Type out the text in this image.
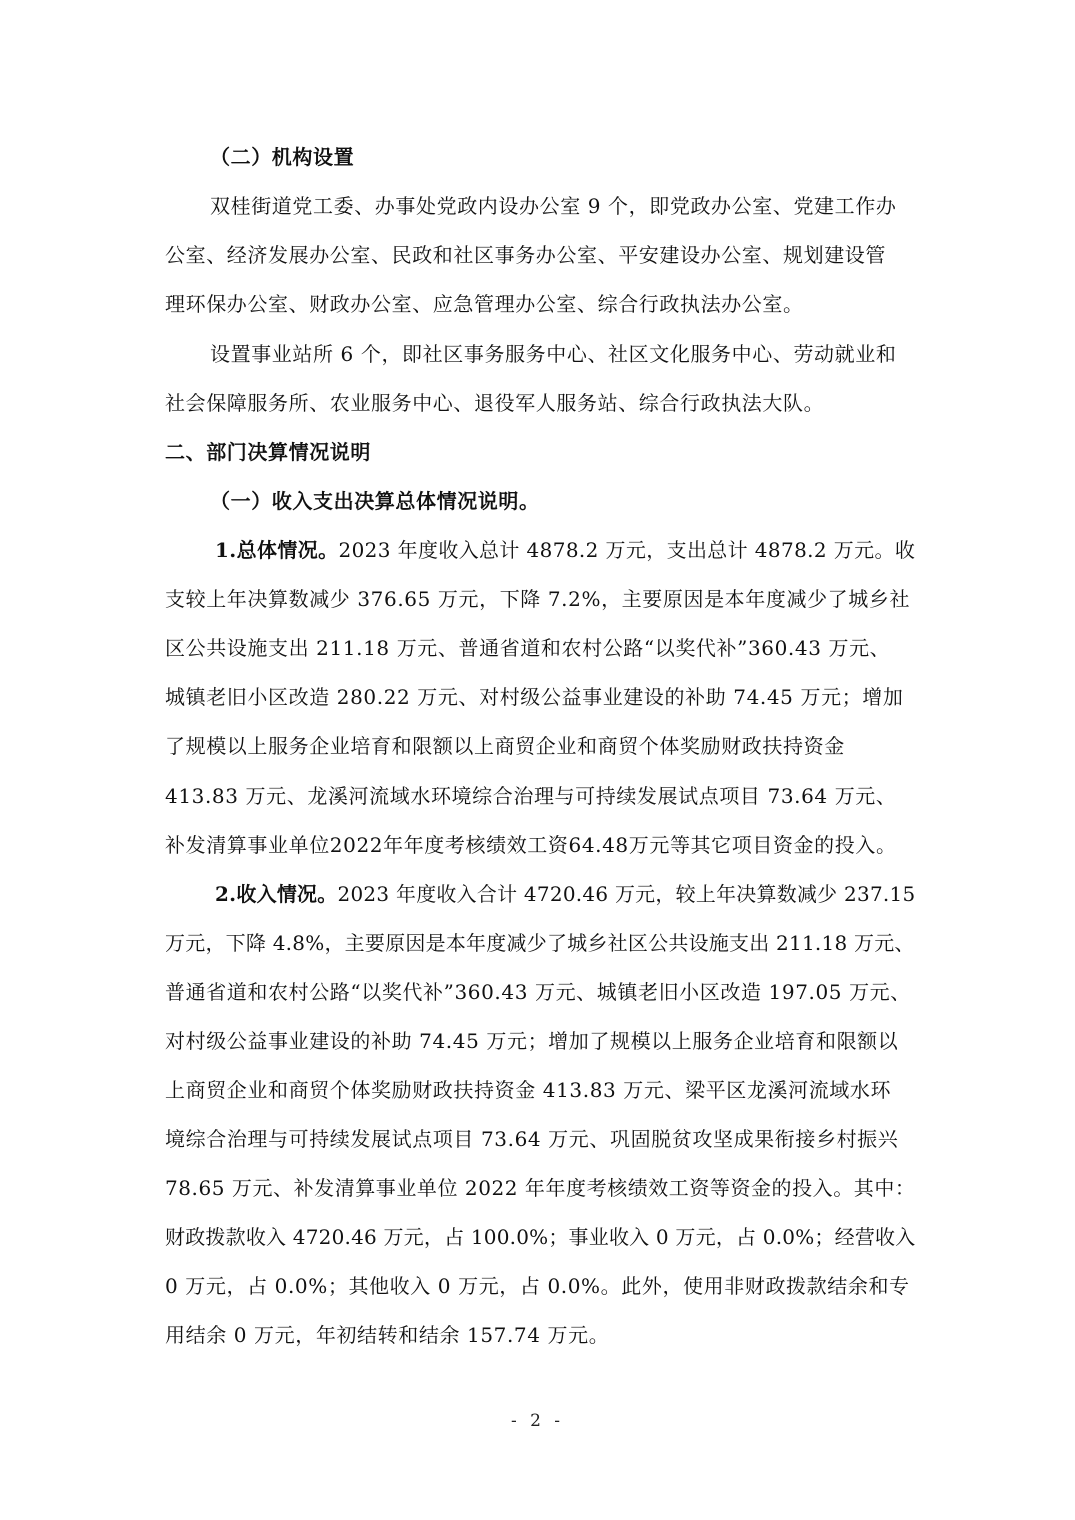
（二）机构设置
双桂街道党工委、办事处党政内设办公室 9 个，即党政办公室、党建工作办
公室、经济发展办公室、民政和社区事务办公室、平安建设办公室、规划建设管
理环保办公室、财政办公室、应急管理办公室、综合行政执法办公室。
设置事业站所 6 个，即社区事务服务中心、社区文化服务中心、劳动就业和
社会保障服务所、农业服务中心、退役军人服务站、综合行政执法大队。
二、部门决算情况说明
（一）收入支出决算总体情况说明。
1.总体情况。2023 年度收入总计 4878.2 万元，支出总计 4878.2 万元。收
支较上年决算数减少 376.65 万元，下降 7.2%，主要原因是本年度减少了城乡社
区公共设施支出 211.18 万元、普通省道和农村公路“以奖代补”360.43 万元、
城镇老旧小区改造 280.22 万元、对村级公益事业建设的补助 74.45 万元；增加
了规模以上服务企业培育和限额以上商贸企业和商贸个体奖励财政扶持资金
413.83 万元、龙溪河流域水环境综合治理与可持续发展试点项目 73.64 万元、
补发清算事业单位2022年年度考核绩效工资64.48万元等其它项目资金的投入。
2.收入情况。2023 年度收入合计 4720.46 万元，较上年决算数减少 237.15
万元，下降 4.8%，主要原因是本年度减少了城乡社区公共设施支出 211.18 万元、
普通省道和农村公路“以奖代补”360.43 万元、城镇老旧小区改造 197.05 万元、
对村级公益事业建设的补助 74.45 万元；增加了规模以上服务企业培育和限额以
上商贸企业和商贸个体奖励财政扶持资金 413.83 万元、梁平区龙溪河流域水环
境综合治理与可持续发展试点项目 73.64 万元、巩固脱贫攻坚成果衔接乡村振兴
78.65 万元、补发清算事业单位 2022 年年度考核绩效工资等资金的投入。其中：
财政拨款收入 4720.46 万元，占 100.0%；事业收入 0 万元，占 0.0%；经营收入
0 万元，占 0.0%；其他收入 0 万元，占 0.0%。此外，使用非财政拨款结余和专
用结余 0 万元，年初结转和结余 157.74 万元。
- 2 -
